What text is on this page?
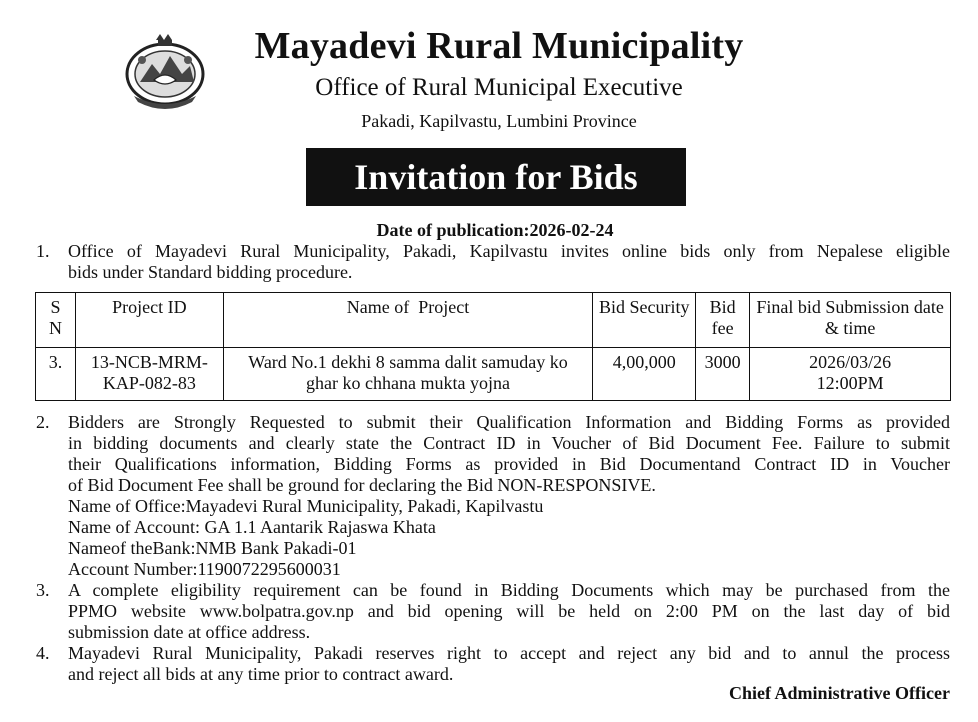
Mayadevi Rural Municipality
Office of Rural Municipal Executive
Pakadi, Kapilvastu, Lumbini Province
Invitation for Bids
Date of publication:2026-02-24
1. Office of Mayadevi Rural Municipality, Pakadi, Kapilvastu invites online bids only from Nepalese eligible
bids under Standard bidding procedure.
S N	Project ID	Name of  Project	Bid Security	Bid fee	Final bid Submission date & time
3.	13-NCB-MRM-KAP-082-83	Ward No.1 dekhi 8 samma dalit samuday ko ghar ko chhana mukta yojna	4,00,000	3000	2026/03/26
12:00PM
2. Bidders are Strongly Requested to submit their Qualification Information and Bidding Forms as provided
in bidding documents and clearly state the Contract ID in Voucher of Bid Document Fee. Failure to submit
their Qualifications information, Bidding Forms as provided in Bid Documentand Contract ID in Voucher
of Bid Document Fee shall be ground for declaring the Bid NON-RESPONSIVE.
Name of Office:Mayadevi Rural Municipality, Pakadi, Kapilvastu
Name of Account: GA 1.1 Aantarik Rajaswa Khata
Nameof theBank:NMB Bank Pakadi-01
Account Number:1190072295600031
3. A complete eligibility requirement can be found in Bidding Documents which may be purchased from the
PPMO website www.bolpatra.gov.np and bid opening will be held on 2:00 PM on the last day of bid
submission date at office address.
4. Mayadevi Rural Municipality, Pakadi reserves right to accept and reject any bid and to annul the process
and reject all bids at any time prior to contract award.
Chief Administrative Officer
